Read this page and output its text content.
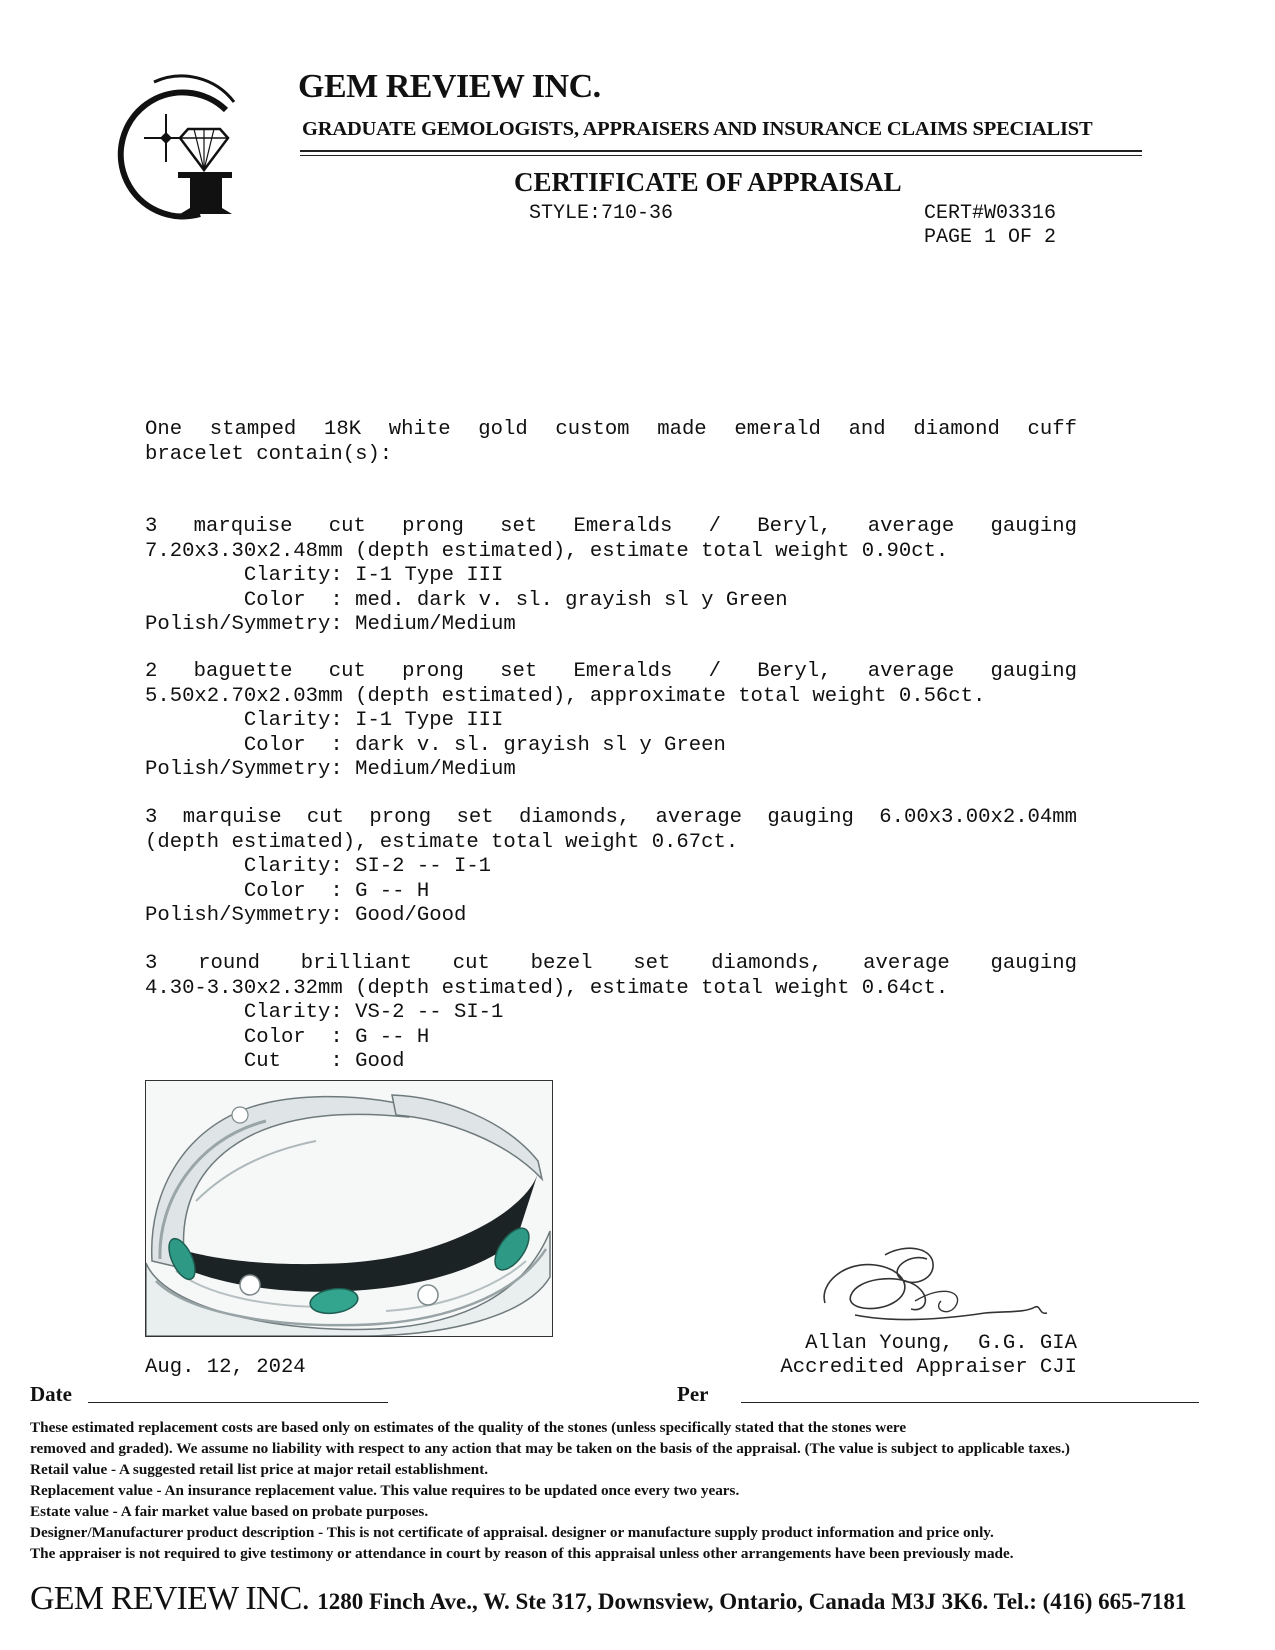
GEM REVIEW INC.
GRADUATE GEMOLOGISTS, APPRAISERS AND INSURANCE CLAIMS SPECIALIST
CERTIFICATE OF APPRAISAL
STYLE:710-36	CERT#W03316
PAGE 1 OF 2
One stamped 18K white gold custom made emerald and diamond cuff
bracelet contain(s):
3 marquise cut prong set Emeralds / Beryl, average gauging
7.20x3.30x2.48mm (depth estimated), estimate total weight 0.90ct.
Clarity: I-1 Type III
Color  : med. dark v. sl. grayish sl y Green
Polish/Symmetry: Medium/Medium
2 baguette cut prong set Emeralds / Beryl, average gauging
5.50x2.70x2.03mm (depth estimated), approximate total weight 0.56ct.
Clarity: I-1 Type III
Color  : dark v. sl. grayish sl y Green
Polish/Symmetry: Medium/Medium
3 marquise cut prong set diamonds, average gauging 6.00x3.00x2.04mm
(depth estimated), estimate total weight 0.67ct.
Clarity: SI-2 -- I-1
Color  : G -- H
Polish/Symmetry: Good/Good
3 round brilliant cut bezel set diamonds, average gauging
4.30-3.30x2.32mm (depth estimated), estimate total weight 0.64ct.
Clarity: VS-2 -- SI-1
Color  : G -- H
Cut    : Good
Allan Young,  G.G. GIA
Accredited Appraiser CJI
Aug. 12, 2024
Date	Per
These estimated replacement costs are based only on estimates of the quality of the stones (unless specifically stated that the stones were
removed and graded). We assume no liability with respect to any action that may be taken on the basis of the appraisal. (The value is subject to applicable taxes.)
Retail value - A suggested retail list price at major retail establishment.
Replacement value - An insurance replacement value. This value requires to be updated once every two years.
Estate value - A fair market value based on probate purposes.
Designer/Manufacturer product description - This is not certificate of appraisal. designer or manufacture supply product information and price only.
The appraiser is not required to give testimony or attendance in court by reason of this appraisal unless other arrangements have been previously made.
GEM REVIEW INC. 1280 Finch Ave., W. Ste 317, Downsview, Ontario, Canada M3J 3K6. Tel.: (416) 665-7181
